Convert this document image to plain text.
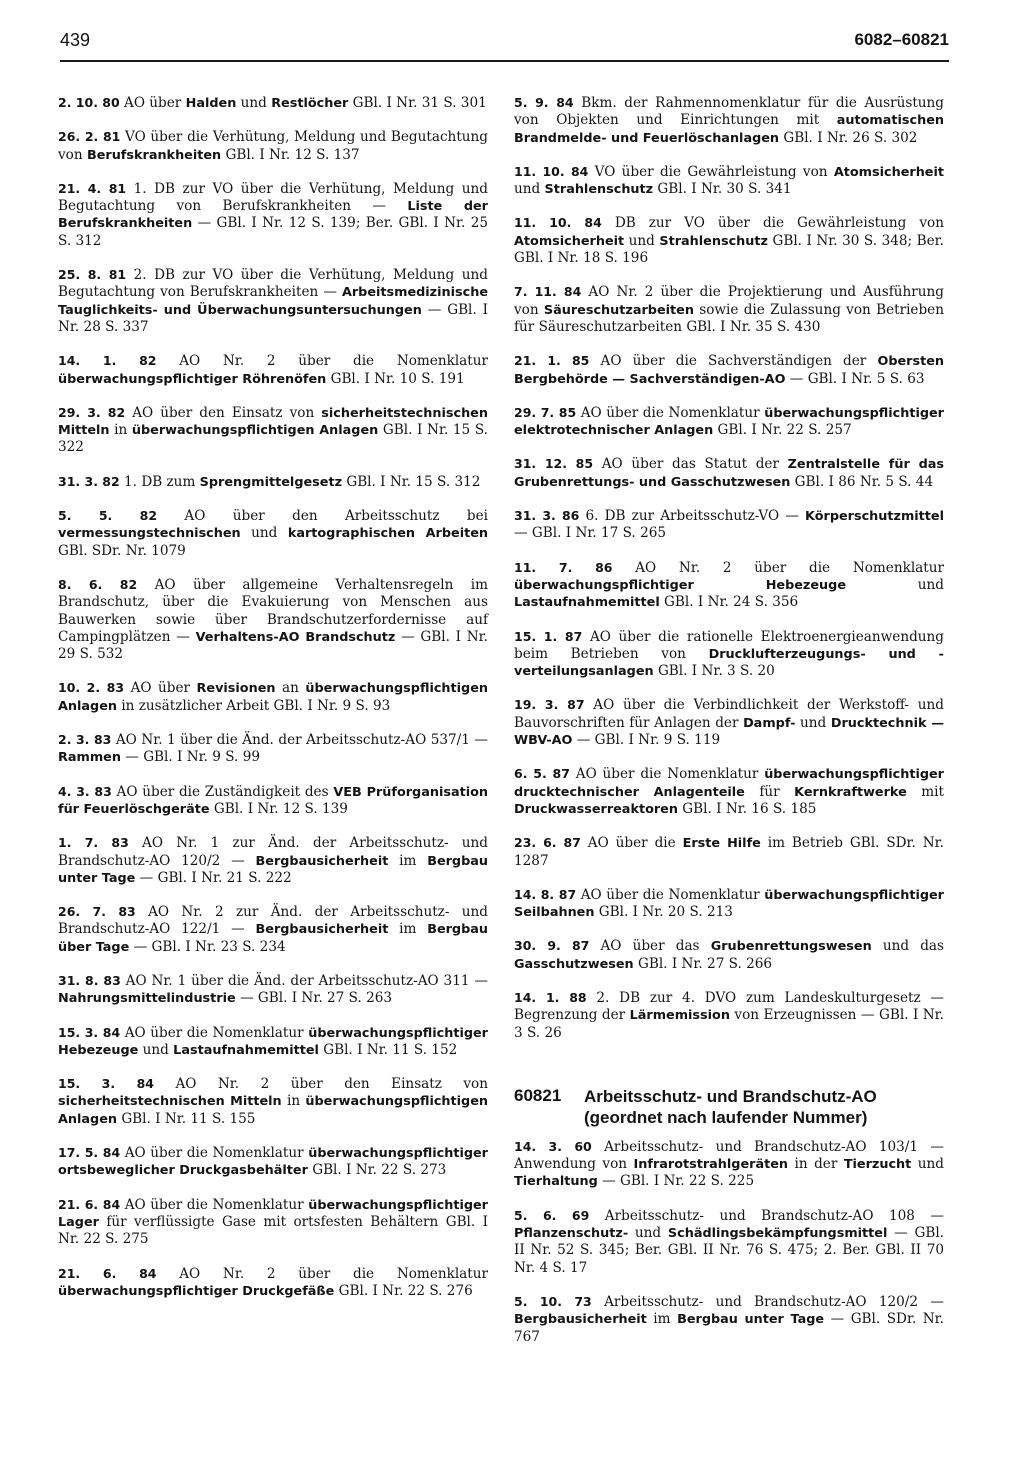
439	6082–60821
2. 10. 80 AO über Halden und Restlöcher GBl. I Nr. 31 S. 301
26. 2. 81 VO über die Verhütung, Meldung und Begutachtung von Berufskrankheiten GBl. I Nr. 12 S. 137
21. 4. 81 1. DB zur VO über die Verhütung, Meldung und Begutachtung von Berufskrankheiten — Liste der Berufskrankheiten — GBl. I Nr. 12 S. 139; Ber. GBl. I Nr. 25 S. 312
25. 8. 81 2. DB zur VO über die Verhütung, Meldung und Begutachtung von Berufskrankheiten — Arbeitsmedizinische Tauglichkeits- und Überwachungsuntersuchungen — GBl. I Nr. 28 S. 337
14. 1. 82 AO Nr. 2 über die Nomenklatur überwachungspflichtiger Röhrenöfen GBl. I Nr. 10 S. 191
29. 3. 82 AO über den Einsatz von sicherheitstechnischen Mitteln in überwachungspflichtigen Anlagen GBl. I Nr. 15 S. 322
31. 3. 82 1. DB zum Sprengmittelgesetz GBl. I Nr. 15 S. 312
5. 5. 82 AO über den Arbeitsschutz bei vermessungstechnischen und kartographischen Arbeiten GBl. SDr. Nr. 1079
8. 6. 82 AO über allgemeine Verhaltensregeln im Brandschutz, über die Evakuierung von Menschen aus Bauwerken sowie über Brandschutzerfordernisse auf Campingplätzen — Verhaltens-AO Brandschutz — GBl. I Nr. 29 S. 532
10. 2. 83 AO über Revisionen an überwachungspflichtigen Anlagen in zusätzlicher Arbeit GBl. I Nr. 9 S. 93
2. 3. 83 AO Nr. 1 über die Änd. der Arbeitsschutz-AO 537/1 — Rammen — GBl. I Nr. 9 S. 99
4. 3. 83 AO über die Zuständigkeit des VEB Prüforganisation für Feuerlöschgeräte GBl. I Nr. 12 S. 139
1. 7. 83 AO Nr. 1 zur Änd. der Arbeitsschutz- und Brandschutz-AO 120/2 — Bergbausicherheit im Bergbau unter Tage — GBl. I Nr. 21 S. 222
26. 7. 83 AO Nr. 2 zur Änd. der Arbeitsschutz- und Brandschutz-AO 122/1 — Bergbausicherheit im Bergbau über Tage — GBl. I Nr. 23 S. 234
31. 8. 83 AO Nr. 1 über die Änd. der Arbeitsschutz-AO 311 — Nahrungsmittelindustrie — GBl. I Nr. 27 S. 263
15. 3. 84 AO über die Nomenklatur überwachungspflichtiger Hebezeuge und Lastaufnahmemittel GBl. I Nr. 11 S. 152
15. 3. 84 AO Nr. 2 über den Einsatz von sicherheitstechnischen Mitteln in überwachungspflichtigen Anlagen GBl. I Nr. 11 S. 155
17. 5. 84 AO über die Nomenklatur überwachungspflichtiger ortsbeweglicher Druckgasbehälter GBl. I Nr. 22 S. 273
21. 6. 84 AO über die Nomenklatur überwachungspflichtiger Lager für verflüssigte Gase mit ortsfesten Behältern GBl. I Nr. 22 S. 275
21. 6. 84 AO Nr. 2 über die Nomenklatur überwachungspflichtiger Druckgefäße GBl. I Nr. 22 S. 276
5. 9. 84 Bkm. der Rahmennomenklatur für die Ausrüstung von Objekten und Einrichtungen mit automatischen Brandmelde- und Feuerlöschanlagen GBl. I Nr. 26 S. 302
11. 10. 84 VO über die Gewährleistung von Atomsicherheit und Strahlenschutz GBl. I Nr. 30 S. 341
11. 10. 84 DB zur VO über die Gewährleistung von Atomsicherheit und Strahlenschutz GBl. I Nr. 30 S. 348; Ber. GBl. I Nr. 18 S. 196
7. 11. 84 AO Nr. 2 über die Projektierung und Ausführung von Säureschutzarbeiten sowie die Zulassung von Betrieben für Säureschutzarbeiten GBl. I Nr. 35 S. 430
21. 1. 85 AO über die Sachverständigen der Obersten Bergbehörde — Sachverständigen-AO — GBl. I Nr. 5 S. 63
29. 7. 85 AO über die Nomenklatur überwachungspflichtiger elektrotechnischer Anlagen GBl. I Nr. 22 S. 257
31. 12. 85 AO über das Statut der Zentralstelle für das Grubenrettungs- und Gasschutzwesen GBl. I 86 Nr. 5 S. 44
31. 3. 86 6. DB zur Arbeitsschutz-VO — Körperschutzmittel — GBl. I Nr. 17 S. 265
11. 7. 86 AO Nr. 2 über die Nomenklatur überwachungspflichtiger Hebezeuge und Lastaufnahmemittel GBl. I Nr. 24 S. 356
15. 1. 87 AO über die rationelle Elektroenergieanwendung beim Betrieben von Drucklufterzeugungs- und -verteilungsanlagen GBl. I Nr. 3 S. 20
19. 3. 87 AO über die Verbindlichkeit der Werkstoff- und Bauvorschriften für Anlagen der Dampf- und Drucktechnik — WBV-AO — GBl. I Nr. 9 S. 119
6. 5. 87 AO über die Nomenklatur überwachungspflichtiger drucktechnischer Anlagenteile für Kernkraftwerke mit Druckwasserreaktoren GBl. I Nr. 16 S. 185
23. 6. 87 AO über die Erste Hilfe im Betrieb GBl. SDr. Nr. 1287
14. 8. 87 AO über die Nomenklatur überwachungspflichtiger Seilbahnen GBl. I Nr. 20 S. 213
30. 9. 87 AO über das Grubenrettungswesen und das Gasschutzwesen GBl. I Nr. 27 S. 266
14. 1. 88 2. DB zur 4. DVO zum Landeskulturgesetz — Begrenzung der Lärmemission von Erzeugnissen — GBl. I Nr. 3 S. 26
60821	Arbeitsschutz- und Brandschutz-AO
(geordnet nach laufender Nummer)
14. 3. 60 Arbeitsschutz- und Brandschutz-AO 103/1 — Anwendung von Infrarotstrahlgeräten in der Tierzucht und Tierhaltung — GBl. I Nr. 22 S. 225
5. 6. 69 Arbeitsschutz- und Brandschutz-AO 108 — Pflanzenschutz- und Schädlingsbekämpfungsmittel — GBl. II Nr. 52 S. 345; Ber. GBl. II Nr. 76 S. 475; 2. Ber. GBl. II 70 Nr. 4 S. 17
5. 10. 73 Arbeitsschutz- und Brandschutz-AO 120/2 — Bergbausicherheit im Bergbau unter Tage — GBl. SDr. Nr. 767
